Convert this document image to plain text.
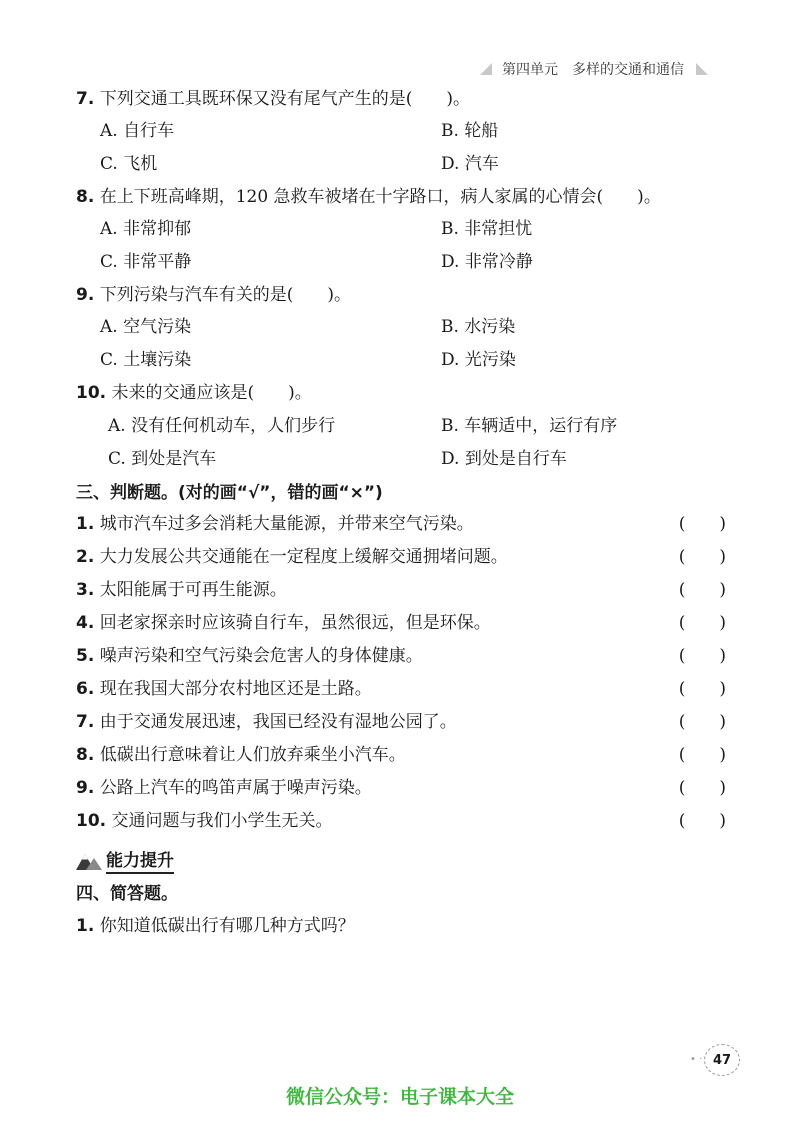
第四单元 多样的交通和通信
7. 下列交通工具既环保又没有尾气产生的是(　　)。
A. 自行车	B. 轮船
C. 飞机	D. 汽车
8. 在上下班高峰期，120 急救车被堵在十字路口，病人家属的心情会(　　)。
A. 非常抑郁	B. 非常担忧
C. 非常平静	D. 非常冷静
9. 下列污染与汽车有关的是(　　)。
A. 空气污染	B. 水污染
C. 土壤污染	D. 光污染
10. 未来的交通应该是(　　)。
A. 没有任何机动车，人们步行	B. 车辆适中，运行有序
C. 到处是汽车	D. 到处是自行车
三、判断题。(对的画“√”，错的画“×”)
1. 城市汽车过多会消耗大量能源，并带来空气污染。	(　　)
2. 大力发展公共交通能在一定程度上缓解交通拥堵问题。	(　　)
3. 太阳能属于可再生能源。	(　　)
4. 回老家探亲时应该骑自行车，虽然很远，但是环保。	(　　)
5. 噪声污染和空气污染会危害人的身体健康。	(　　)
6. 现在我国大部分农村地区还是土路。	(　　)
7. 由于交通发展迅速，我国已经没有湿地公园了。	(　　)
8. 低碳出行意味着让人们放弃乘坐小汽车。	(　　)
9. 公路上汽车的鸣笛声属于噪声污染。	(　　)
10. 交通问题与我们小学生无关。	(　　)
能力提升
四、简答题。
1. 你知道低碳出行有哪几种方式吗？
• · 47
微信公众号：电子课本大全
